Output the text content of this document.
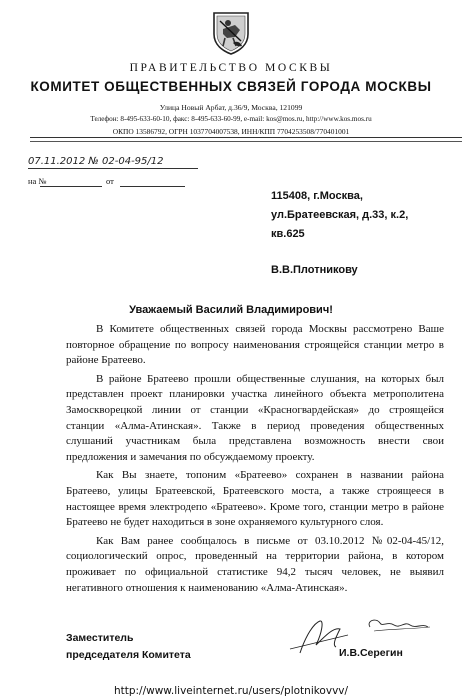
ПРАВИТЕЛЬСТВО МОСКВЫ
КОМИТЕТ ОБЩЕСТВЕННЫХ СВЯЗЕЙ ГОРОДА МОСКВЫ
Улица Новый Арбат, д.36/9, Москва, 121099
Телефон: 8-495-633-60-10, факс: 8-495-633-60-99, e-mail: kos@mos.ru, http://www.kos.mos.ru
ОКПО 13586792, ОГРН 1037704007538, ИНН/КПП 7704253508/770401001
07.11.2012 № 02-04-95/12
на №	от
115408, г.Москва,
ул.Братеевская, д.33, к.2,
кв.625
В.В.Плотникову
Уважаемый Василий Владимирович!

В Комитете общественных связей города Москвы рассмотрено Ваше повторное обращение по вопросу наименования строящейся станции метро в районе Братеево.

В районе Братеево прошли общественные слушания, на которых был представлен проект планировки участка линейного объекта метрополитена Замоскворецкой линии от станции «Красногвардейская» до строящейся станции «Алма-Атинская». Также в период проведения общественных слушаний участникам была представлена возможность внести свои предложения и замечания по обсуждаемому проекту.

Как Вы знаете, топоним «Братеево» сохранен в названии района Братеево, улицы Братеевской, Братеевского моста, а также строящееся в настоящее время электродепо «Братеево». Кроме того, станции метро в районе Братеево не будет находиться в зоне охраняемого культурного слоя.

Как Вам ранее сообщалось в письме от 03.10.2012 №02-04-45/12, социологический опрос, проведенный на территории района, в котором проживает по официальной статистике 94,2 тысяч человек, не выявил негативного отношения к наименованию «Алма-Атинская».

Заместитель
председателя Комитета	И.В.Серегин
http://www.liveinternet.ru/users/plotnikovvv/
